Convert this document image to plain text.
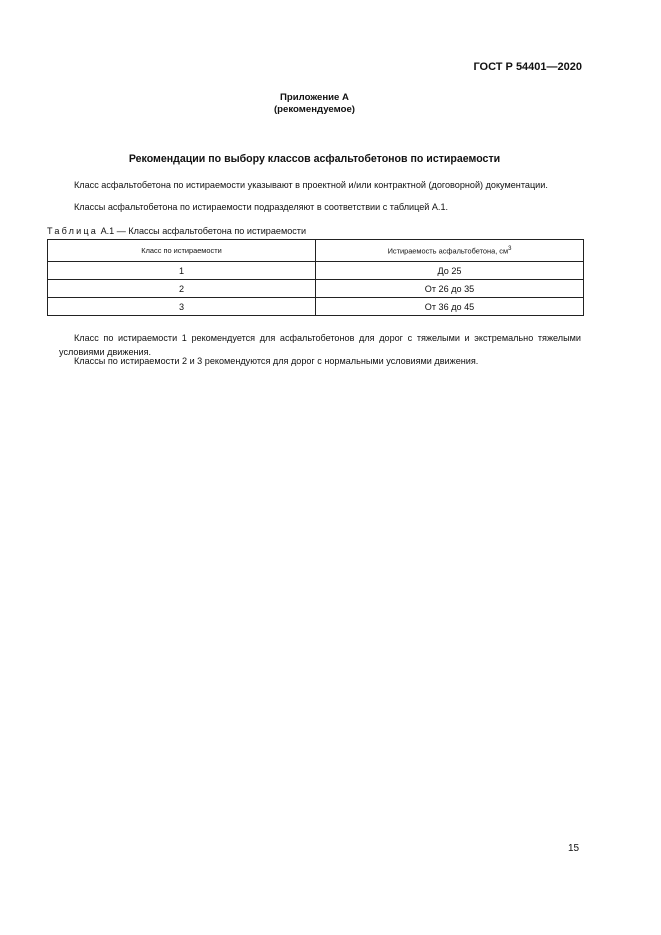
ГОСТ Р 54401—2020
Приложение А
(рекомендуемое)
Рекомендации по выбору классов асфальтобетонов по истираемости

Класс асфальтобетона по истираемости указывают в проектной и/или контрактной (договорной) документации.

Классы асфальтобетона по истираемости подразделяют в соответствии с таблицей А.1.

Таблица А.1 — Классы асфальтобетона по истираемости
Класс по истираемости	Истираемость асфальтобетона, $см^3$
1	До 25
2	От 26 до 35
3	От 36 до 45

Класс по истираемости 1 рекомендуется для асфальтобетонов для дорог с тяжелыми и экстремально тяжелыми условиями движения.

Классы по истираемости 2 и 3 рекомендуются для дорог с нормальными условиями движения.

15
